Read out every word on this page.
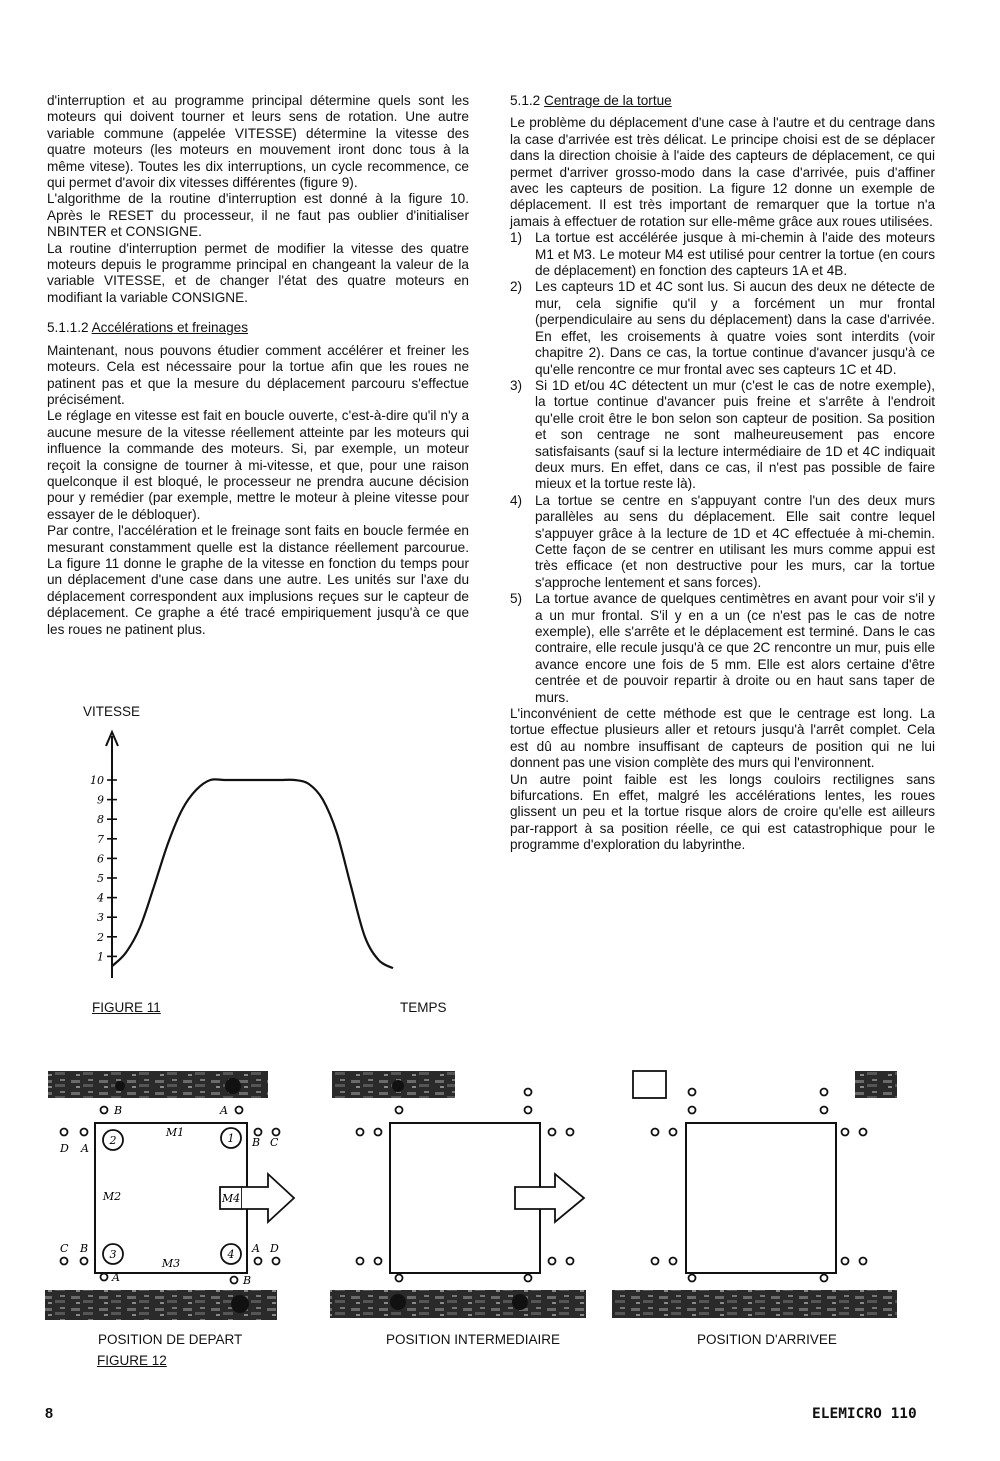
d'interruption et au programme principal détermine quels sont les moteurs qui doivent tourner et leurs sens de rotation. Une autre variable commune (appelée VITESSE) détermine la vitesse des quatre moteurs (les moteurs en mouvement iront donc tous à la même vitese). Toutes les dix interruptions, un cycle recommence, ce qui permet d'avoir dix vitesses différentes (figure 9).

L'algorithme de la routine d'interruption est donné à la figure 10. Après le RESET du processeur, il ne faut pas oublier d'initialiser NBINTER et CONSIGNE.

La routine d'interruption permet de modifier la vitesse des quatre moteurs depuis le programme principal en changeant la valeur de la variable VITESSE, et de changer l'état des quatre moteurs en modifiant la variable CONSIGNE.

5.1.1.2 Accélérations et freinages

Maintenant, nous pouvons étudier comment accélérer et freiner les moteurs. Cela est nécessaire pour la tortue afin que les roues ne patinent pas et que la mesure du déplacement parcouru s'effectue précisément.

Le réglage en vitesse est fait en boucle ouverte, c'est-à-dire qu'il n'y a aucune mesure de la vitesse réellement atteinte par les moteurs qui influence la commande des moteurs. Si, par exemple, un moteur reçoit la consigne de tourner à mi-vitesse, et que, pour une raison quelconque il est bloqué, le processeur ne prendra aucune décision pour y remédier (par exemple, mettre le moteur à pleine vitesse pour essayer de le débloquer).

Par contre, l'accélération et le freinage sont faits en boucle fermée en mesurant constamment quelle est la distance réellement parcourue. La figure 11 donne le graphe de la vitesse en fonction du temps pour un déplacement d'une case dans une autre. Les unités sur l'axe du déplacement correspondent aux implusions reçues sur le capteur de déplacement. Ce graphe a été tracé empiriquement jusqu'à ce que les roues ne patinent plus.

5.1.2 Centrage de la tortue

Le problème du déplacement d'une case à l'autre et du centrage dans la case d'arrivée est très délicat. Le principe choisi est de se déplacer dans la direction choisie à l'aide des capteurs de déplacement, ce qui permet d'arriver grosso-modo dans la case d'arrivée, puis d'affiner avec les capteurs de position. La figure 12 donne un exemple de déplacement. Il est très important de remarquer que la tortue n'a jamais à effectuer de rotation sur elle-même grâce aux roues utilisées.

1) La tortue est accélérée jusque à mi-chemin à l'aide des moteurs M1 et M3. Le moteur M4 est utilisé pour centrer la tortue (en cours de déplacement) en fonction des capteurs 1A et 4B.
2) Les capteurs 1D et 4C sont lus. Si aucun des deux ne détecte de mur, cela signifie qu'il y a forcément un mur frontal (perpendiculaire au sens du déplacement) dans la case d'arrivée. En effet, les croisements à quatre voies sont interdits (voir chapitre 2). Dans ce cas, la tortue continue d'avancer jusqu'à ce qu'elle rencontre ce mur frontal avec ses capteurs 1C et 4D.
3) Si 1D et/ou 4C détectent un mur (c'est le cas de notre exemple), la tortue continue d'avancer puis freine et s'arrête à l'endroit qu'elle croit être le bon selon son capteur de position. Sa position et son centrage ne sont malheureusement pas encore satisfaisants (sauf si la lecture intermédiaire de 1D et 4C indiquait deux murs. En effet, dans ce cas, il n'est pas possible de faire mieux et la tortue reste là).
4) La tortue se centre en s'appuyant contre l'un des deux murs parallèles au sens du déplacement. Elle sait contre lequel s'appuyer grâce à la lecture de 1D et 4C effectuée à mi-chemin. Cette façon de se centrer en utilisant les murs comme appui est très efficace (et non destructive pour les murs, car la tortue s'approche lentement et sans forces).
5) La tortue avance de quelques centimètres en avant pour voir s'il y a un mur frontal. S'il y en a un (ce n'est pas le cas de notre exemple), elle s'arrête et le déplacement est terminé. Dans le cas contraire, elle recule jusqu'à ce que 2C rencontre un mur, puis elle avance encore une fois de 5 mm. Elle est alors certaine d'être centrée et de pouvoir repartir à droite ou en haut sans taper de murs.

L'inconvénient de cette méthode est que le centrage est long. La tortue effectue plusieurs aller et retours jusqu'à l'arrêt complet. Cela est dû au nombre insuffisant de capteurs de position qui ne lui donnent pas une vision complète des murs qui l'environnent.

Un autre point faible est les longs couloirs rectilignes sans bifurcations. En effet, malgré les accélérations lentes, les roues glissent un peu et la tortue risque alors de croire qu'elle est ailleurs par-rapport à sa position réelle, ce qui est catastrophique pour le programme d'exploration du labyrinthe.

VITESSE
1
2
3
4
5
6
7
8
9
10
FIGURE 11	TEMPS
2	1
3	4
M1
M2
M3
M4
B	A
A	B
D A	B C
C B	A D
POSITION DE DEPART	POSITION INTERMEDIAIRE	POSITION D'ARRIVEE
FIGURE 12
8	ELEMICRO 110
